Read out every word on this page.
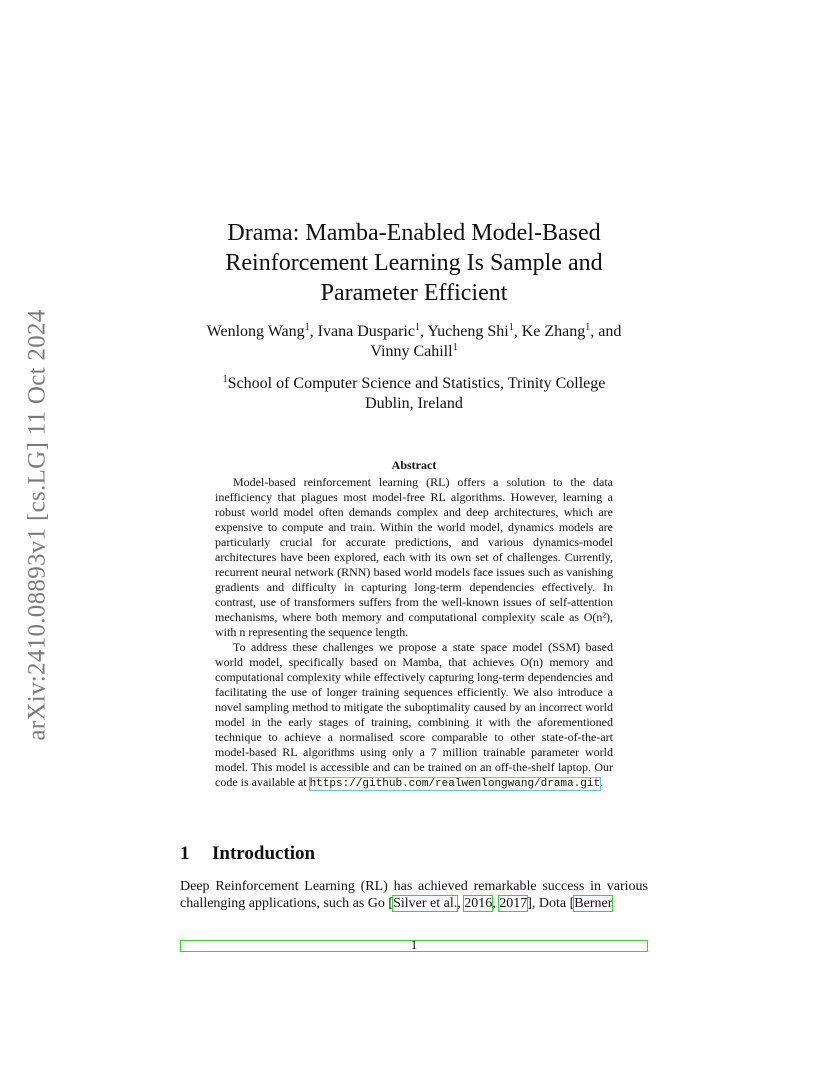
arXiv:2410.08893v1 [cs.LG] 11 Oct 2024
Drama: Mamba-Enabled Model-Based
Reinforcement Learning Is Sample and
Parameter Efficient
Wenlong Wang$^1$, Ivana Dusparic$^1$, Yucheng Shi$^1$, Ke Zhang$^1$, and
Vinny Cahill$^1$
$^1$School of Computer Science and Statistics, Trinity College
Dublin, Ireland
Abstract

Model-based reinforcement learning (RL) offers a solution to the data inefficiency that plagues most model-free RL algorithms. However, learning a robust world model often demands complex and deep architectures, which are expensive to compute and train. Within the world model, dynamics models are particularly crucial for accurate predictions, and various dynamics-model architectures have been explored, each with its own set of challenges. Currently, recurrent neural network (RNN) based world models face issues such as vanishing gradients and difficulty in capturing long-term dependencies effectively. In contrast, use of transformers suffers from the well-known issues of self-attention mechanisms, where both memory and computational complexity scale as O(n²), with n representing the sequence length.

To address these challenges we propose a state space model (SSM) based world model, specifically based on Mamba, that achieves O(n) memory and computational complexity while effectively capturing long-term dependencies and facilitating the use of longer training sequences efficiently. We also introduce a novel sampling method to mitigate the suboptimality caused by an incorrect world model in the early stages of training, combining it with the aforementioned technique to achieve a normalised score comparable to other state-of-the-art model-based RL algorithms using only a 7 million trainable parameter world model. This model is accessible and can be trained on an off-the-shelf laptop. Our code is available at https://github.com/realwenlongwang/drama.git.

1 Introduction

Deep Reinforcement Learning (RL) has achieved remarkable success in various challenging applications, such as Go [Silver et al., 2016, 2017], Dota [Berner

1
